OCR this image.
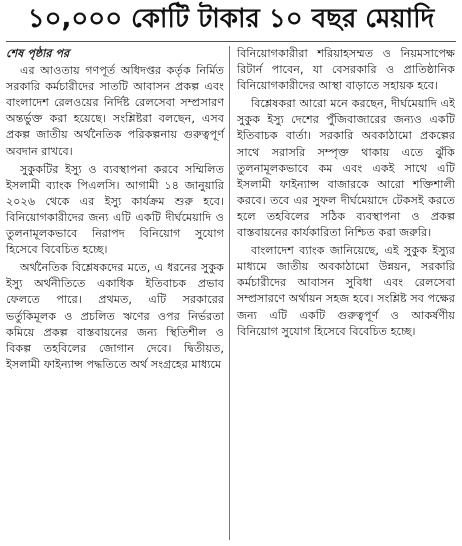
১০,০০০ কোটি টাকার ১০ বছর মেয়াদি

শেষ পৃষ্ঠার পর

এর আওতায় গণপূর্ত অধিদপ্তর কর্তৃক নির্মিত সরকারি কর্মচারীদের সাতটি আবাসন প্রকল্প এবং বাংলাদেশ রেলওয়ের নির্দিষ্ট রেলসেবা সম্প্রসারণ অন্তর্ভুক্ত করা হয়েছে। সংশ্লিষ্টরা বলছেন, এসব প্রকল্প জাতীয় অর্থনৈতিক পরিকল্পনায় গুরুত্বপূর্ণ অবদান রাখবে।

সুকুকটির ইস্যু ও ব্যবস্থাপনা করবে সম্মিলিত ইসলামী ব্যাংক পিএলসি। আগামী ১৪ জানুয়ারি ২০২৬ থেকে এর ইস্যু কার্যক্রম শুরু হবে। বিনিয়োগকারীদের জন্য এটি একটি দীর্ঘমেয়াদি ও তুলনামূলকভাবে নিরাপদ বিনিয়োগ সুযোগ হিসেবে বিবেচিত হচ্ছে।

অর্থনৈতিক বিশ্লেষকদের মতে, এ ধরনের সুকুক ইস্যু অর্থনীতিতে একাধিক ইতিবাচক প্রভাব ফেলতে পারে। প্রথমত, এটি সরকারের ভর্তুকিমূলক ও প্রচলিত ঋণের ওপর নির্ভরতা কমিয়ে প্রকল্প বাস্তবায়নের জন্য স্থিতিশীল ও বিকল্প তহবিলের জোগান দেবে। দ্বিতীয়ত, ইসলামী ফাইন্যান্স পদ্ধতিতে অর্থ সংগ্রহের মাধ্যমে

বিনিয়োগকারীরা শরিয়াহসম্মত ও নিয়মসাপেক্ষ রিটার্ন পাবেন, যা বেসরকারি ও প্রাতিষ্ঠানিক বিনিয়োগকারীদের আস্থা বাড়াতে সহায়ক হবে।

বিশ্লেষকরা আরো মনে করছেন, দীর্ঘমেয়াদি এই সুকুক ইস্যু দেশের পুঁজিবাজারের জন্যও একটি ইতিবাচক বার্তা। সরকারি অবকাঠামো প্রকল্পের সাথে সরাসরি সম্পৃক্ত থাকায় এতে ঝুঁকি তুলনামূলকভাবে কম এবং একই সাথে এটি ইসলামী ফাইন্যান্স বাজারকে আরো শক্তিশালী করবে। তবে এর সুফল দীর্ঘমেয়াদে টেকসই করতে হলে তহবিলের সঠিক ব্যবস্থাপনা ও প্রকল্প বাস্তবায়নের কার্যকারিতা নিশ্চিত করা জরুরি।

বাংলাদেশ ব্যাংক জানিয়েছে, এই সুকুক ইস্যুর মাধ্যমে জাতীয় অবকাঠামো উন্নয়ন, সরকারি কর্মচারীদের আবাসন সুবিধা এবং রেলসেবা সম্প্রসারণে অর্থায়ন সহজ হবে। সংশ্লিষ্ট সব পক্ষের জন্য এটি একটি গুরুত্বপূর্ণ ও আকর্ষণীয় বিনিয়োগ সুযোগ হিসেবে বিবেচিত হচ্ছে।
